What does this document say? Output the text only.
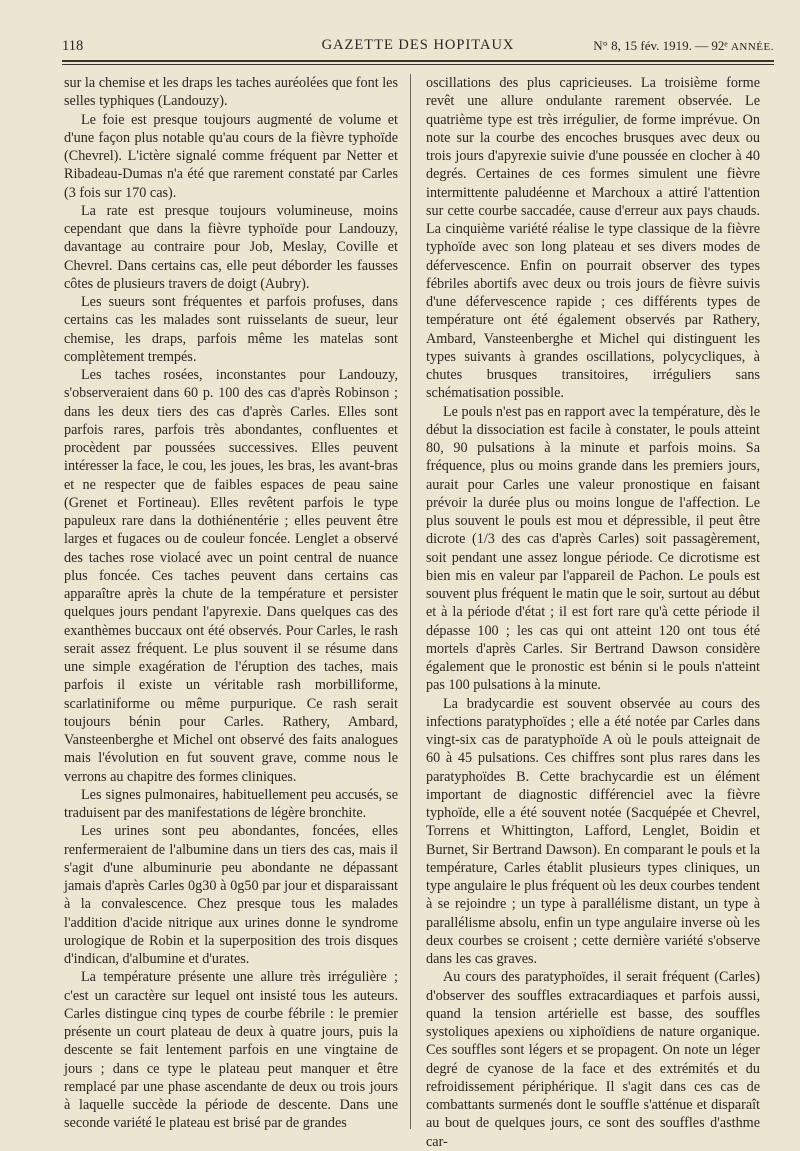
118	GAZETTE DES HOPITAUX	N° 8, 15 fév. 1919. — 92ᵉ ANNÉE.

sur la chemise et les draps les taches auréolées que font les selles typhiques (Landouzy).

Le foie est presque toujours augmenté de volume et d'une façon plus notable qu'au cours de la fièvre typhoïde (Chevrel). L'ictère signalé comme fréquent par Netter et Ribadeau-Dumas n'a été que rarement constaté par Carles (3 fois sur 170 cas).

La rate est presque toujours volumineuse, moins cependant que dans la fièvre typhoïde pour Landouzy, davantage au contraire pour Job, Meslay, Coville et Chevrel. Dans certains cas, elle peut déborder les fausses côtes de plusieurs travers de doigt (Aubry).

Les sueurs sont fréquentes et parfois profuses, dans certains cas les malades sont ruisselants de sueur, leur chemise, les draps, parfois même les matelas sont complètement trempés.

Les taches rosées, inconstantes pour Landouzy, s'observeraient dans 60 p. 100 des cas d'après Robinson ; dans les deux tiers des cas d'après Carles. Elles sont parfois rares, parfois très abondantes, confluentes et procèdent par poussées successives. Elles peuvent intéresser la face, le cou, les joues, les bras, les avant-bras et ne respecter que de faibles espaces de peau saine (Grenet et Fortineau). Elles revêtent parfois le type papuleux rare dans la dothiénentérie ; elles peuvent être larges et fugaces ou de couleur foncée. Lenglet a observé des taches rose violacé avec un point central de nuance plus foncée. Ces taches peuvent dans certains cas apparaître après la chute de la température et persister quelques jours pendant l'apyrexie. Dans quelques cas des exanthèmes buccaux ont été observés. Pour Carles, le rash serait assez fréquent. Le plus souvent il se résume dans une simple exagération de l'éruption des taches, mais parfois il existe un véritable rash morbilliforme, scarlatiniforme ou même purpurique. Ce rash serait toujours bénin pour Carles. Rathery, Ambard, Vansteenberghe et Michel ont observé des faits analogues mais l'évolution en fut souvent grave, comme nous le verrons au chapitre des formes cliniques.

Les signes pulmonaires, habituellement peu accusés, se traduisent par des manifestations de légère bronchite.

Les urines sont peu abondantes, foncées, elles renfermeraient de l'albumine dans un tiers des cas, mais il s'agit d'une albuminurie peu abondante ne dépassant jamais d'après Carles 0g30 à 0g50 par jour et disparaissant à la convalescence. Chez presque tous les malades l'addition d'acide nitrique aux urines donne le syndrome urologique de Robin et la superposition des trois disques d'indican, d'albumine et d'urates.

La température présente une allure très irrégulière ; c'est un caractère sur lequel ont insisté tous les auteurs. Carles distingue cinq types de courbe fébrile : le premier présente un court plateau de deux à quatre jours, puis la descente se fait lentement parfois en une vingtaine de jours ; dans ce type le plateau peut manquer et être remplacé par une phase ascendante de deux ou trois jours à laquelle succède la période de descente. Dans une seconde variété le plateau est brisé par de grandes

oscillations des plus capricieuses. La troisième forme revêt une allure ondulante rarement observée. Le quatrième type est très irrégulier, de forme imprévue. On note sur la courbe des encoches brusques avec deux ou trois jours d'apyrexie suivie d'une poussée en clocher à 40 degrés. Certaines de ces formes simulent une fièvre intermittente paludéenne et Marchoux a attiré l'attention sur cette courbe saccadée, cause d'erreur aux pays chauds. La cinquième variété réalise le type classique de la fièvre typhoïde avec son long plateau et ses divers modes de défervescence. Enfin on pourrait observer des types fébriles abortifs avec deux ou trois jours de fièvre suivis d'une défervescence rapide ; ces différents types de température ont été également observés par Rathery, Ambard, Vansteenberghe et Michel qui distinguent les types suivants à grandes oscillations, polycycliques, à chutes brusques transitoires, irréguliers sans schématisation possible.

Le pouls n'est pas en rapport avec la température, dès le début la dissociation est facile à constater, le pouls atteint 80, 90 pulsations à la minute et parfois moins. Sa fréquence, plus ou moins grande dans les premiers jours, aurait pour Carles une valeur pronostique en faisant prévoir la durée plus ou moins longue de l'affection. Le plus souvent le pouls est mou et dépressible, il peut être dicrote (1/3 des cas d'après Carles) soit passagèrement, soit pendant une assez longue période. Ce dicrotisme est bien mis en valeur par l'appareil de Pachon. Le pouls est souvent plus fréquent le matin que le soir, surtout au début et à la période d'état ; il est fort rare qu'à cette période il dépasse 100 ; les cas qui ont atteint 120 ont tous été mortels d'après Carles. Sir Bertrand Dawson considère également que le pronostic est bénin si le pouls n'atteint pas 100 pulsations à la minute.

La bradycardie est souvent observée au cours des infections paratyphoïdes ; elle a été notée par Carles dans vingt-six cas de paratyphoïde A où le pouls atteignait de 60 à 45 pulsations. Ces chiffres sont plus rares dans les paratyphoïdes B. Cette brachycardie est un élément important de diagnostic différenciel avec la fièvre typhoïde, elle a été souvent notée (Sacquépée et Chevrel, Torrens et Whittington, Lafford, Lenglet, Boidin et Burnet, Sir Bertrand Dawson). En comparant le pouls et la température, Carles établit plusieurs types cliniques, un type angulaire le plus fréquent où les deux courbes tendent à se rejoindre ; un type à parallélisme distant, un type à parallélisme absolu, enfin un type angulaire inverse où les deux courbes se croisent ; cette dernière variété s'observe dans les cas graves.

Au cours des paratyphoïdes, il serait fréquent (Carles) d'observer des souffles extracardiaques et parfois aussi, quand la tension artérielle est basse, des souffles systoliques apexiens ou xiphoïdiens de nature organique. Ces souffles sont légers et se propagent. On note un léger degré de cyanose de la face et des extrémités et du refroidissement périphérique. Il s'agit dans ces cas de combattants surmenés dont le souffle s'atténue et disparaît au bout de quelques jours, ce sont des souffles d'asthme car-
